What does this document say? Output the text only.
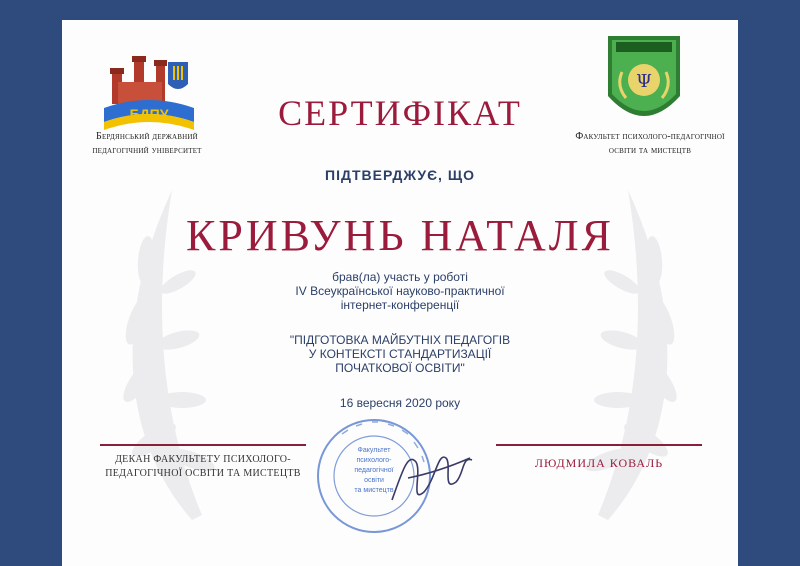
БДПУ
Ψ
Бердянський державний
педагогічний університет
Факультет психолого-педагогічної
освіти та мистецтв
СЕРТИФІКАТ
ПІДТВЕРДЖУЄ, ЩО
КРИВУНЬ НАТАЛЯ
брав(ла) участь у роботі
IV Всеукраїнської науково-практичної
інтернет-конференції
"ПІДГОТОВКА МАЙБУТНІХ ПЕДАГОГІВ
У КОНТЕКСТІ СТАНДАРТИЗАЦІЇ
ПОЧАТКОВОЇ ОСВІТИ"
16 вересня 2020 року
ДЕКАН ФАКУЛЬТЕТУ ПСИХОЛОГО-
ПЕДАГОГІЧНОЇ ОСВІТИ ТА МИСТЕЦТВ
ЛЮДМИЛА КОВАЛЬ
Факультет
психолого-
педагогічної
освіти
та мистецтв
